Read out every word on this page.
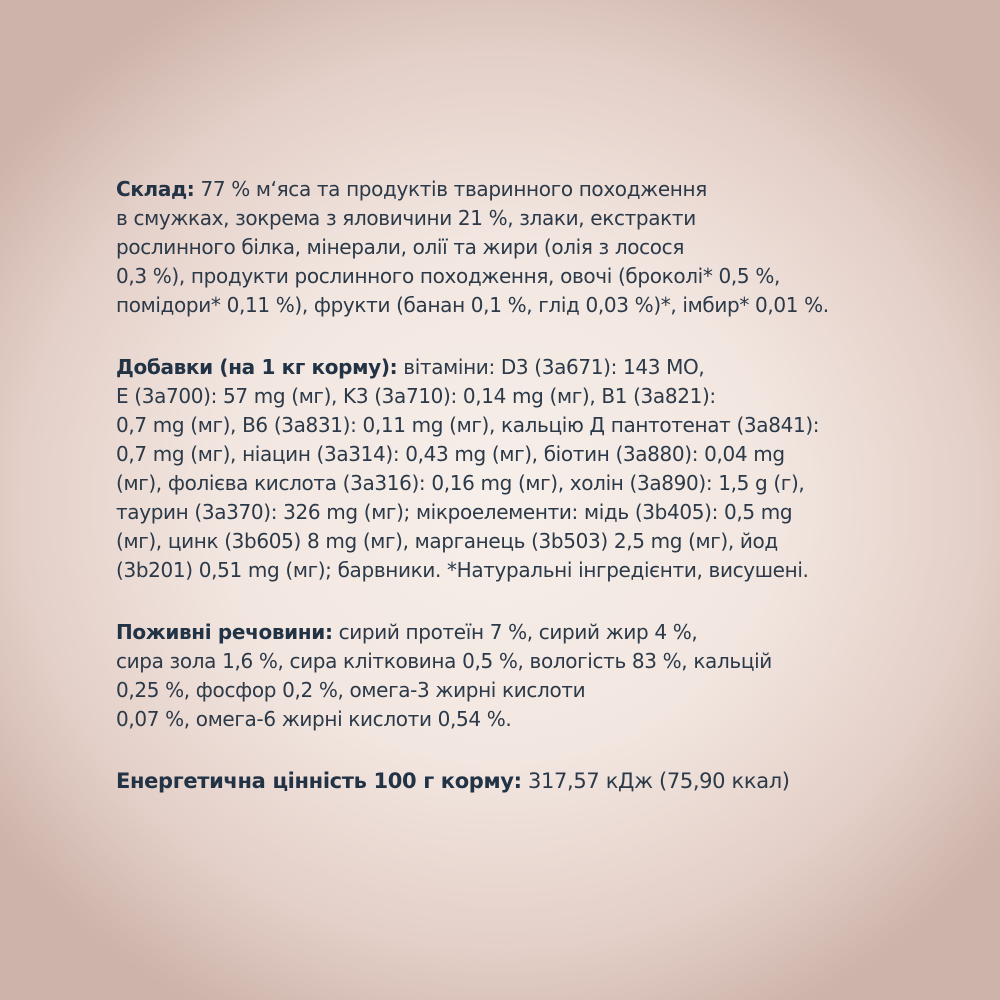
Склад: 77 % м‘яса та продуктів тваринного походження
в смужках, зокрема з яловичини 21 %, злаки, екстракти
рослинного білка, мінерали, олії та жири (олія з лосося
0,3 %), продукти рослинного походження, овочі (броколі* 0,5 %,
помідори* 0,11 %), фрукти (банан 0,1 %, глід 0,03 %)*, імбир* 0,01 %.

Добавки (на 1 кг корму): вітаміни: D3 (3а671): 143 МО,
E (3а700): 57 mg (мг), K3 (3а710): 0,14 mg (мг), B1 (3а821):
0,7 mg (мг), B6 (3а831): 0,11 mg (мг), кальцію Д пантотенат (3а841):
0,7 mg (мг), ніацин (3а314): 0,43 mg (мг), біотин (3а880): 0,04 mg
(мг), фолієва кислота (3а316): 0,16 mg (мг), холін (3а890): 1,5 g (г),
таурин (3а370): 326 mg (мг); мікроелементи: мідь (3b405): 0,5 mg
(мг), цинк (3b605) 8 mg (мг), марганець (3b503) 2,5 mg (мг), йод
(3b201) 0,51 mg (мг); барвники. *Натуральні інгредієнти, висушені.

Поживні речовини: сирий протеїн 7 %, сирий жир 4 %,
сира зола 1,6 %, сира клітковина 0,5 %, вологість 83 %, кальцій
0,25 %, фосфор 0,2 %, омега-3 жирні кислоти
0,07 %, омега-6 жирні кислоти 0,54 %.

Енергетична цінність 100 г корму: 317,57 кДж (75,90 ккал)
